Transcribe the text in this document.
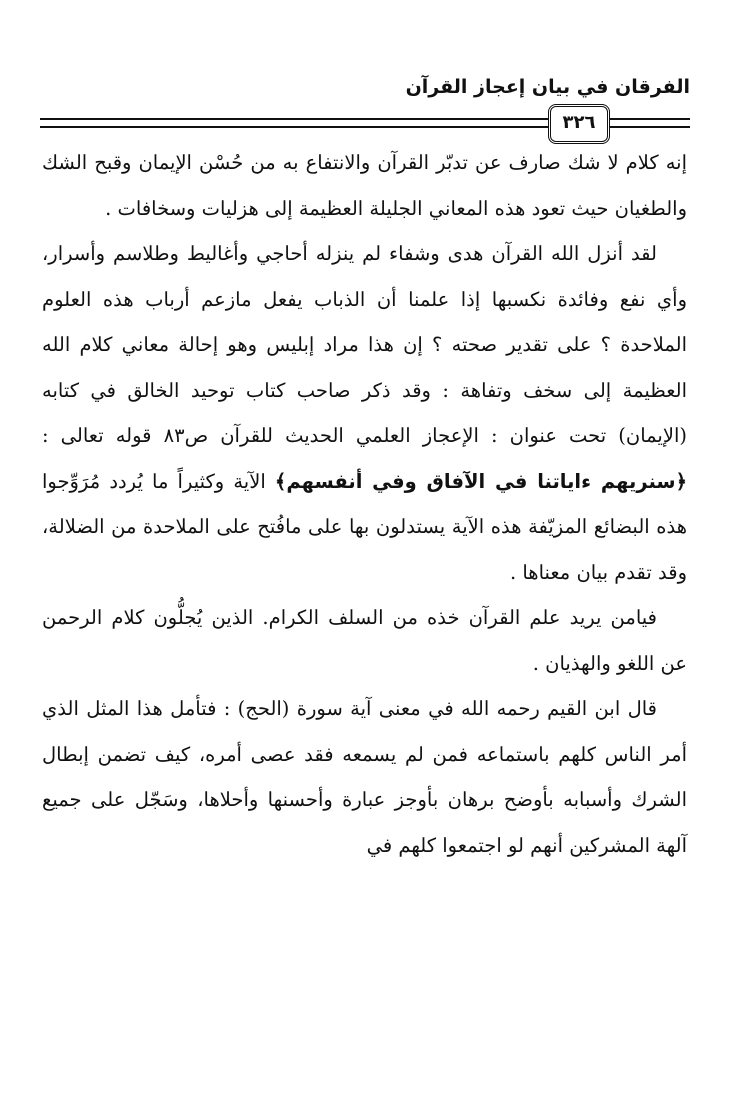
الفرقان في بيان إعجاز القرآن
٣٢٦

إنه كلام لا شك صارف عن تدبّر القرآن والانتفاع به من حُسْن الإيمان وقبح الشك والطغيان حيث تعود هذه المعاني الجليلة العظيمة إلى هزليات وسخافات .

لقد أنزل الله القرآن هدى وشفاء لم ينزله أحاجي وأغاليط وطلاسم وأسرار، وأي نفع وفائدة نكسبها إذا علمنا أن الذباب يفعل مازعم أرباب هذه العلوم الملاحدة ؟ على تقدير صحته ؟ إن هذا مراد إبليس وهو إحالة معاني كلام الله العظيمة إلى سخف وتفاهة : وقد ذكر صاحب كتاب توحيد الخالق في كتابه (الإيمان) تحت عنوان : الإعجاز العلمي الحديث للقرآن ص٨٣ قوله تعالى : ﴿سنريهم ءاياتنا في الآفاق وفي أنفسهم﴾ الآية وكثيراً ما يُردد مُرَوِّجوا هذه البضائع المزيّفة هذه الآية يستدلون بها على مافُتح على الملاحدة من الضلالة، وقد تقدم بيان معناها .

فيامن يريد علم القرآن خذه من السلف الكرام. الذين يُجلُّون كلام الرحمن عن اللغو والهذيان .

قال ابن القيم رحمه الله في معنى آية سورة (الحج) : فتأمل هذا المثل الذي أمر الناس كلهم باستماعه فمن لم يسمعه فقد عصى أمره، كيف تضمن إبطال الشرك وأسبابه بأوضح برهان بأوجز عبارة وأحسنها وأحلاها، وسَجّل على جميع آلهة المشركين أنهم لو اجتمعوا كلهم في
